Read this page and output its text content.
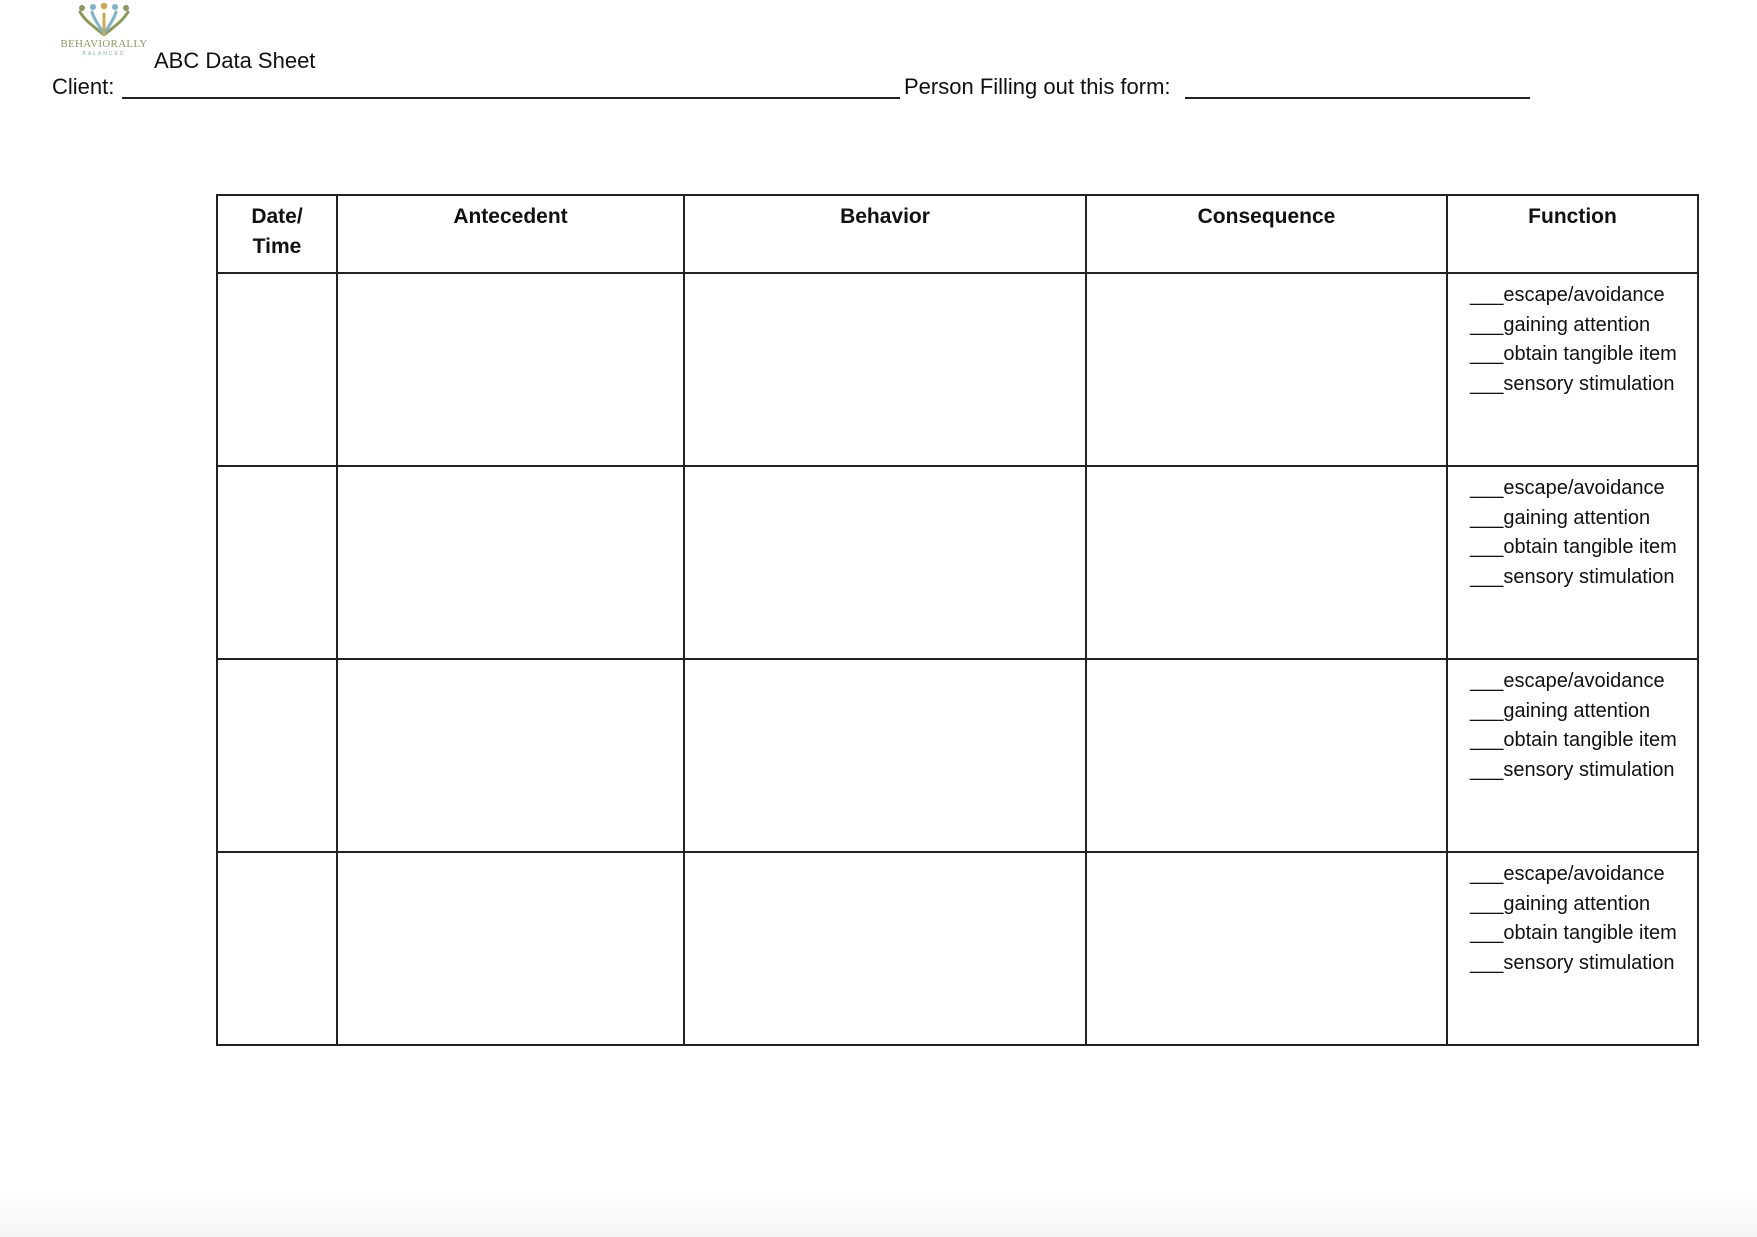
BEHAVIORALLY
BALANCED	ABC Data Sheet
Client:	Person Filling out this form:
Date/
Time	Antecedent	Behavior	Consequence	Function

				___escape/avoidance
___gaining attention
___obtain tangible item
___sensory stimulation

				___escape/avoidance
___gaining attention
___obtain tangible item
___sensory stimulation

				___escape/avoidance
___gaining attention
___obtain tangible item
___sensory stimulation

				___escape/avoidance
___gaining attention
___obtain tangible item
___sensory stimulation
